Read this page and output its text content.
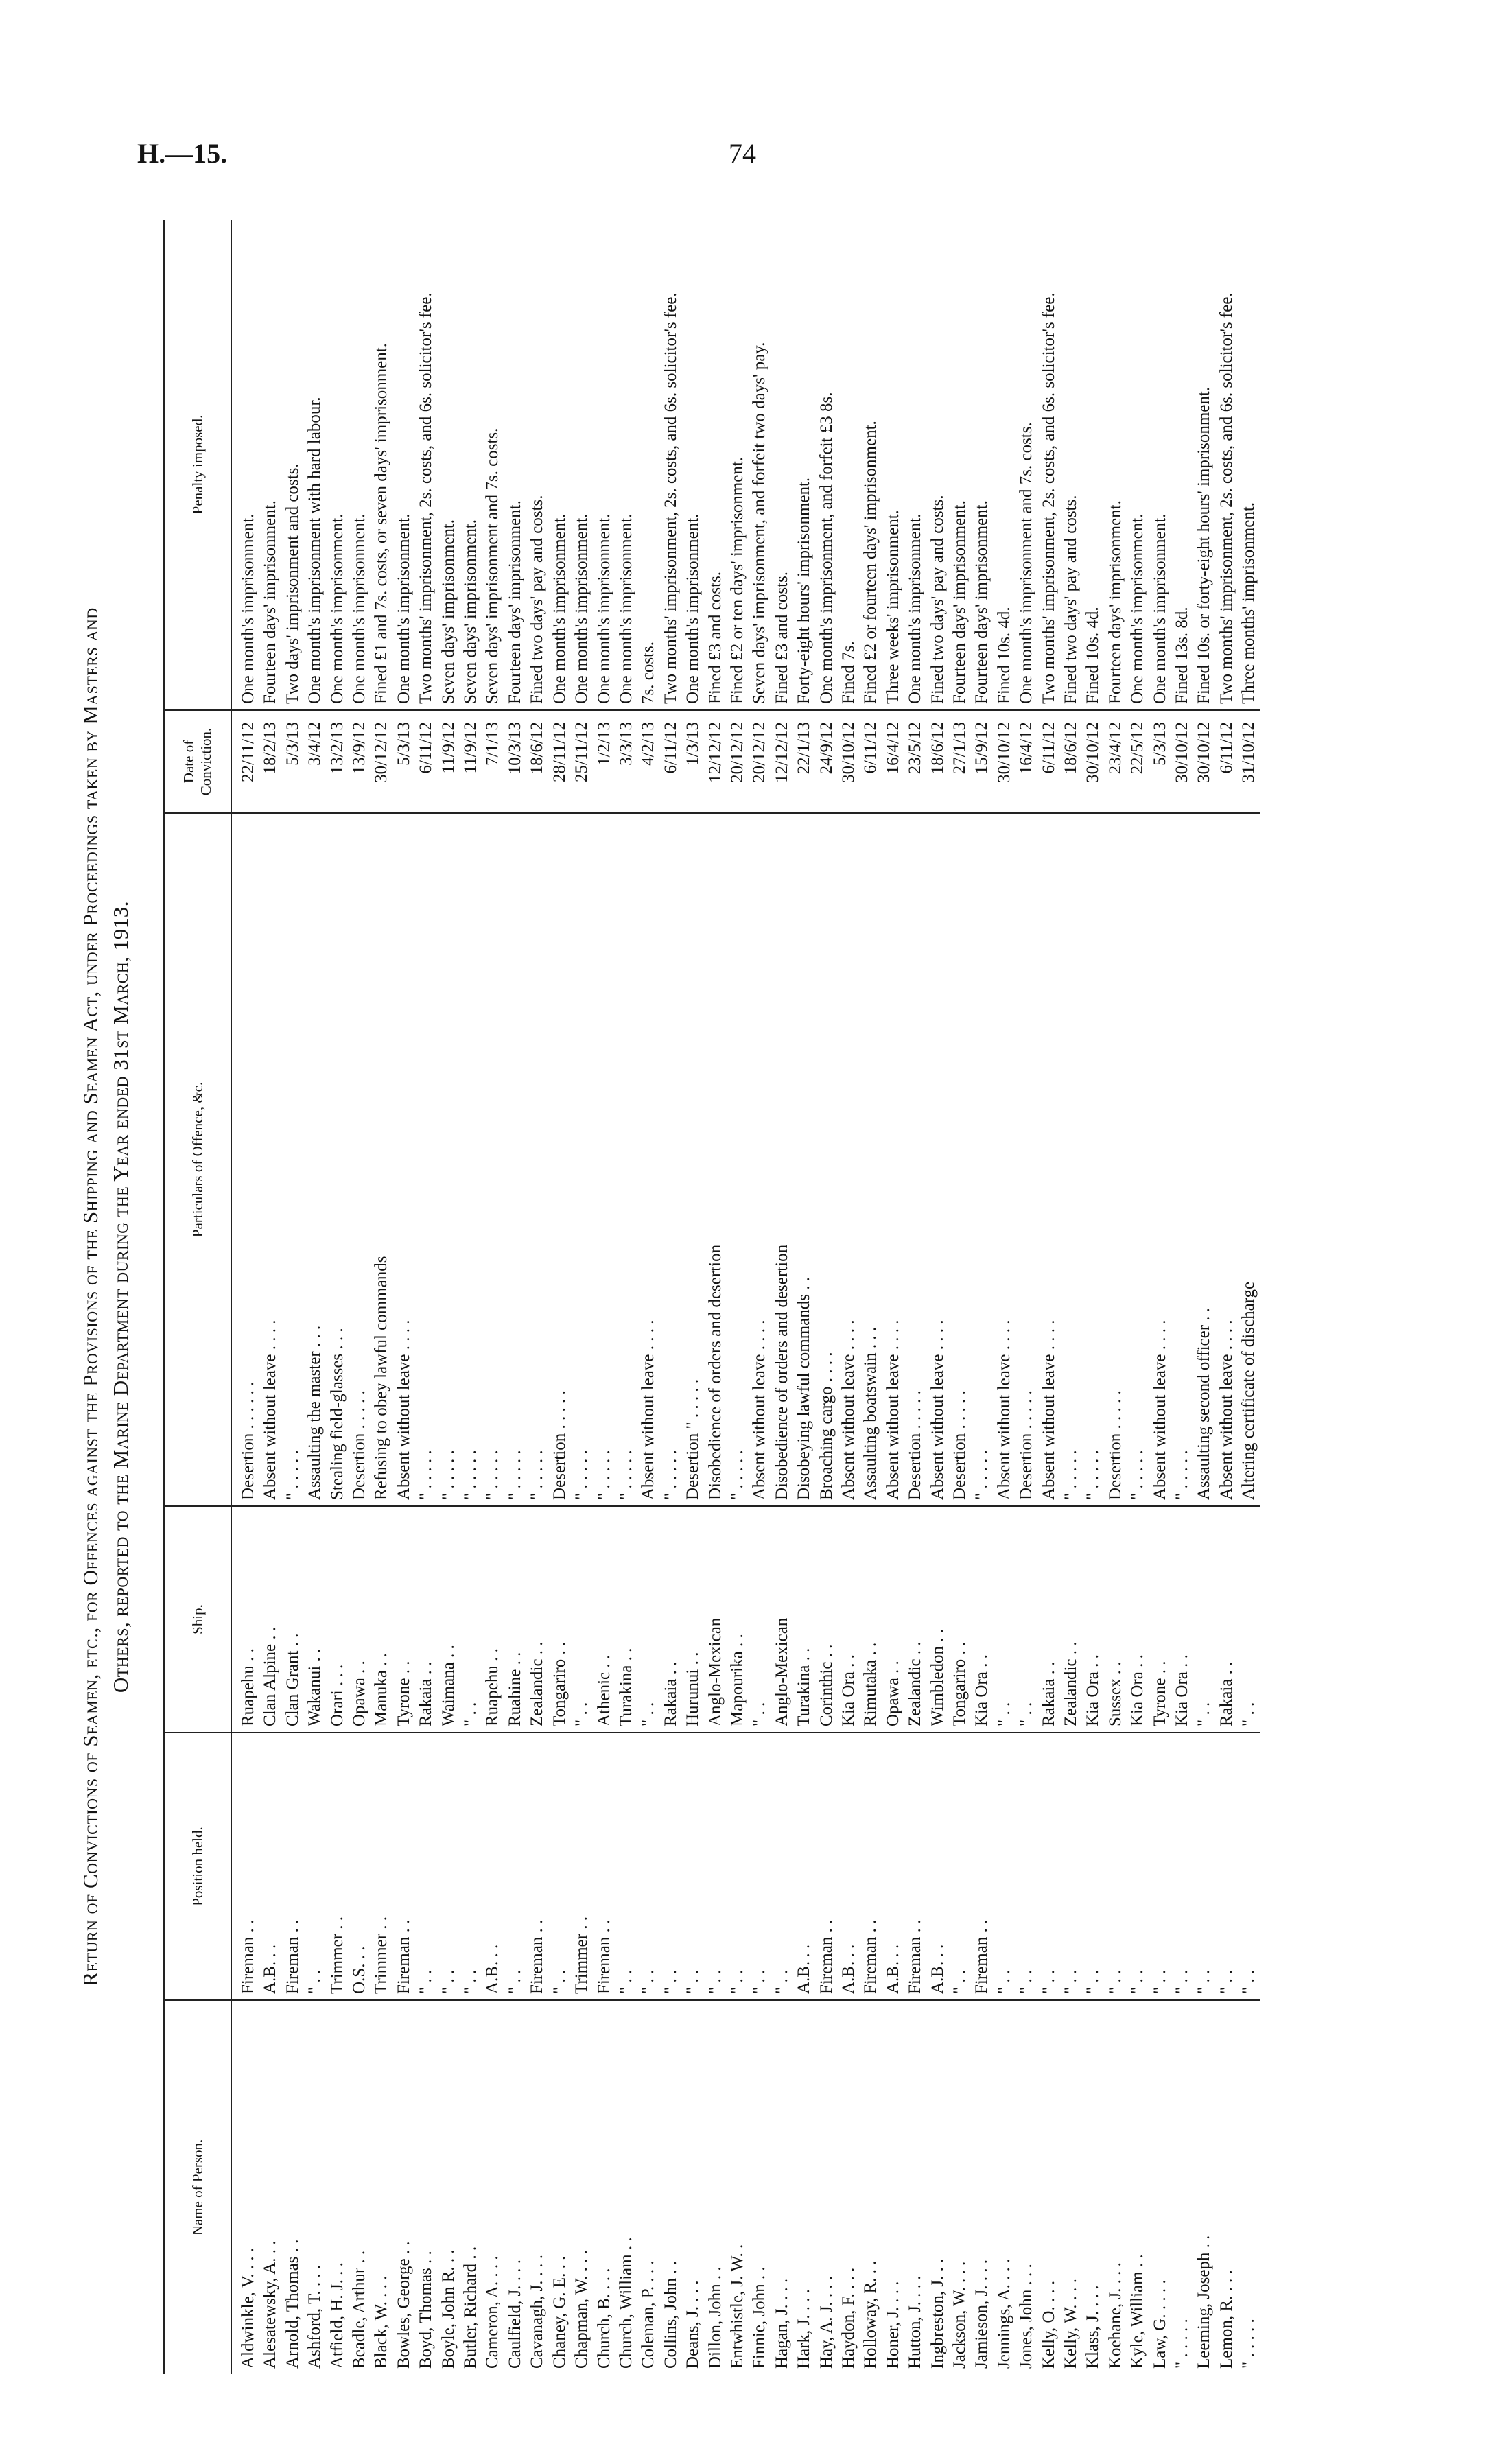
H.—15.	74
Return of Convictions of Seamen, etc., for Offences against the Provisions of the Shipping and Seamen Act, under Proceedings taken by Masters and Others, reported to the Marine Department during the Year ended 31st March, 1913.
Name of Person.	Position held.	Ship.	Particulars of Offence, &c.	Date of Conviction.	Penalty imposed.
Aldwinkle, V. . . .	Fireman . .	Ruapehu . .	Desertion . . . . . .	22/11/12	One month's imprisonment.
Alesatewsky, A. . .	A.B. . .	Clan Alpine . .	Absent without leave . . . .	18/2/13	Fourteen days' imprisonment.
Arnold, Thomas . .	Fireman . .	Clan Grant . .	" . . . . .	5/3/13	Two days' imprisonment and costs.
Ashford, T. . . .	" . .	Wakanui . .	Assaulting the master . . .	3/4/12	One month's imprisonment with hard labour.
Atfield, H. J. . .	Trimmer . .	Orari . . .	Stealing field-glasses . . .	13/2/13	One month's imprisonment.
Beadle, Arthur . .	O.S. . .	Opawa . .	Desertion . . . . .	13/9/12	One month's imprisonment.
Black, W. . . .	Trimmer . .	Manuka . .	Refusing to obey lawful commands	30/12/12	Fined £1 and 7s. costs, or seven days' imprisonment.
Bowles, George . .	Fireman . .	Tyrone . .	Absent without leave . . . .	5/3/13	One month's imprisonment.
Boyd, Thomas . .	" . .	Rakaia . .	" . . . . .	6/11/12	Two months' imprisonment, 2s. costs, and 6s. solicitor's fee.
Boyle, John R. . .	" . .	Waimana . .	" . . . . .	11/9/12	Seven days' imprisonment.
Butler, Richard . .	" . .	" . .	" . . . . .	11/9/12	Seven days' imprisonment.
Cameron, A. . . .	A.B. . .	Ruapehu . .	" . . . . .	7/1/13	Seven days' imprisonment and 7s. costs.
Caulfield, J. . . .	" . .	Ruahine . .	" . . . . .	10/3/13	Fourteen days' imprisonment.
Cavanagh, J. . . .	Fireman . .	Zealandic . .	" . . . . .	18/6/12	Fined two days' pay and costs.
Chaney, G. E. . .	" . .	Tongariro . .	Desertion . . . . .	28/11/12	One month's imprisonment.
Chapman, W. . . .	Trimmer . .	" . .	" . . . . .	25/11/12	One month's imprisonment.
Church, B. . . .	Fireman . .	Athenic . .	" . . . . .	1/2/13	One month's imprisonment.
Church, William . .	" . .	Turakina . .	" . . . . .	3/3/13	One month's imprisonment.
Coleman, P. . . .	" . .	" . .	Absent without leave . . . .	4/2/13	7s. costs.
Collins, John . .	" . .	Rakaia . .	" . . . . .	6/11/12	Two months' imprisonment, 2s. costs, and 6s. solicitor's fee.
Deans, J. . . .	" . .	Hurunui . .	Desertion " . . . . .	1/3/13	One month's imprisonment.
Dillon, John . .	" . .	Anglo-Mexican	Disobedience of orders and desertion	12/12/12	Fined £3 and costs.
Entwhistle, J. W. .	" . .	Mapourika . .	" . . . . .	20/12/12	Fined £2 or ten days' imprisonment.
Finnie, John . .	" . .	" . .	Absent without leave . . . .	20/12/12	Seven days' imprisonment, and forfeit two days' pay.
Hagan, J. . . .	" . .	Anglo-Mexican	Disobedience of orders and desertion	12/12/12	Fined £3 and costs.
Hark, J. . . .	A.B. . .	Turakina . .	Disobeying lawful commands . .	22/1/13	Forty-eight hours' imprisonment.
Hay, A. J. . . .	Fireman . .	Corinthic . .	Broaching cargo . . . .	24/9/12	One month's imprisonment, and forfeit £3 8s.
Haydon, F. . . .	A.B. . .	Kia Ora . .	Absent without leave . . . .	30/10/12	Fined 7s.
Holloway, R. . .	Fireman . .	Rimutaka . .	Assaulting boatswain . . .	6/11/12	Fined £2 or fourteen days' imprisonment.
Honer, J. . . .	A.B. . .	Opawa . .	Absent without leave . . . .	16/4/12	Three weeks' imprisonment.
Hutton, J. . . .	Fireman . .	Zealandic . .	Desertion . . . . .	23/5/12	One month's imprisonment.
Ingbreston, J. . .	A.B. . .	Wimbledon . .	Absent without leave . . . .	18/6/12	Fined two days' pay and costs.
Jackson, W. . . .	" . .	Tongariro . .	Desertion . . . . .	27/1/13	Fourteen days' imprisonment.
Jamieson, J. . . .	Fireman . .	Kia Ora . .	" . . . . .	15/9/12	Fourteen days' imprisonment.
Jennings, A. . . .	" . .	" . .	Absent without leave . . . .	30/10/12	Fined 10s. 4d.
Jones, John . . .	" . .	" . .	Desertion . . . . .	16/4/12	One month's imprisonment and 7s. costs.
Kelly, O. . . .	" . .	Rakaia . .	Absent without leave . . . .	6/11/12	Two months' imprisonment, 2s. costs, and 6s. solicitor's fee.
Kelly, W. . . .	" . .	Zealandic . .	" . . . . .	18/6/12	Fined two days' pay and costs.
Klass, J. . . .	" . .	Kia Ora . .	" . . . . .	30/10/12	Fined 10s. 4d.
Koehane, J. . . .	" . .	Sussex . .	Desertion . . . . .	23/4/12	Fourteen days' imprisonment.
Kyle, William . .	" . .	Kia Ora . .	" . . . . .	22/5/12	One month's imprisonment.
Law, G. . . . .	" . .	Tyrone . .	Absent without leave . . . .	5/3/13	One month's imprisonment.
" . . . . .	" . .	Kia Ora . .	" . . . . .	30/10/12	Fined 13s. 8d.
Leeming, Joseph . .	" . .	" . .	Assaulting second officer . .	30/10/12	Fined 10s. or forty-eight hours' imprisonment.
Lemon, R. . . .	" . .	Rakaia . .	Absent without leave . . . .	6/11/12	Two months' imprisonment, 2s. costs, and 6s. solicitor's fee.
" . . . . .	" . .	" . .	Altering certificate of discharge	31/10/12	Three months' imprisonment.
